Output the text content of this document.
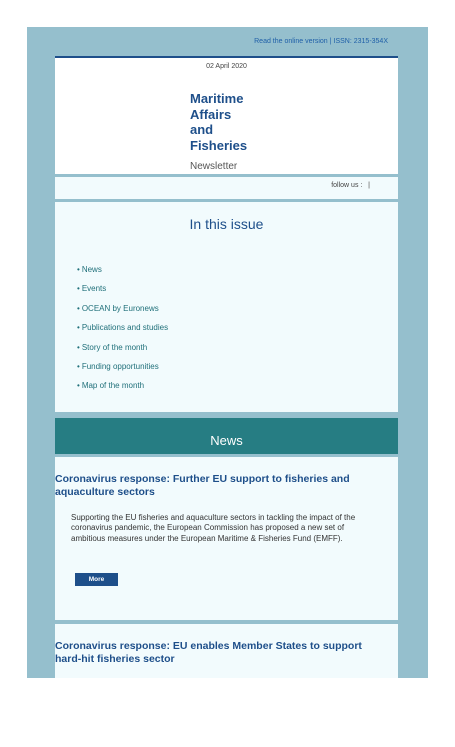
Read the online version | ISSN: 2315-354X
02 April 2020
Maritime
Affairs
and
Fisheries
Newsletter
follow us : |
In this issue
• News
• Events
• OCEAN by Euronews
• Publications and studies
• Story of the month
• Funding opportunities
• Map of the month
News
Coronavirus response: Further EU support to fisheries and aquaculture sectors
Supporting the EU fisheries and aquaculture sectors in tackling the impact of the coronavirus pandemic, the European Commission has proposed a new set of ambitious measures under the European Maritime & Fisheries Fund (EMFF).
More
Coronavirus response: EU enables Member States to support hard-hit fisheries sector
